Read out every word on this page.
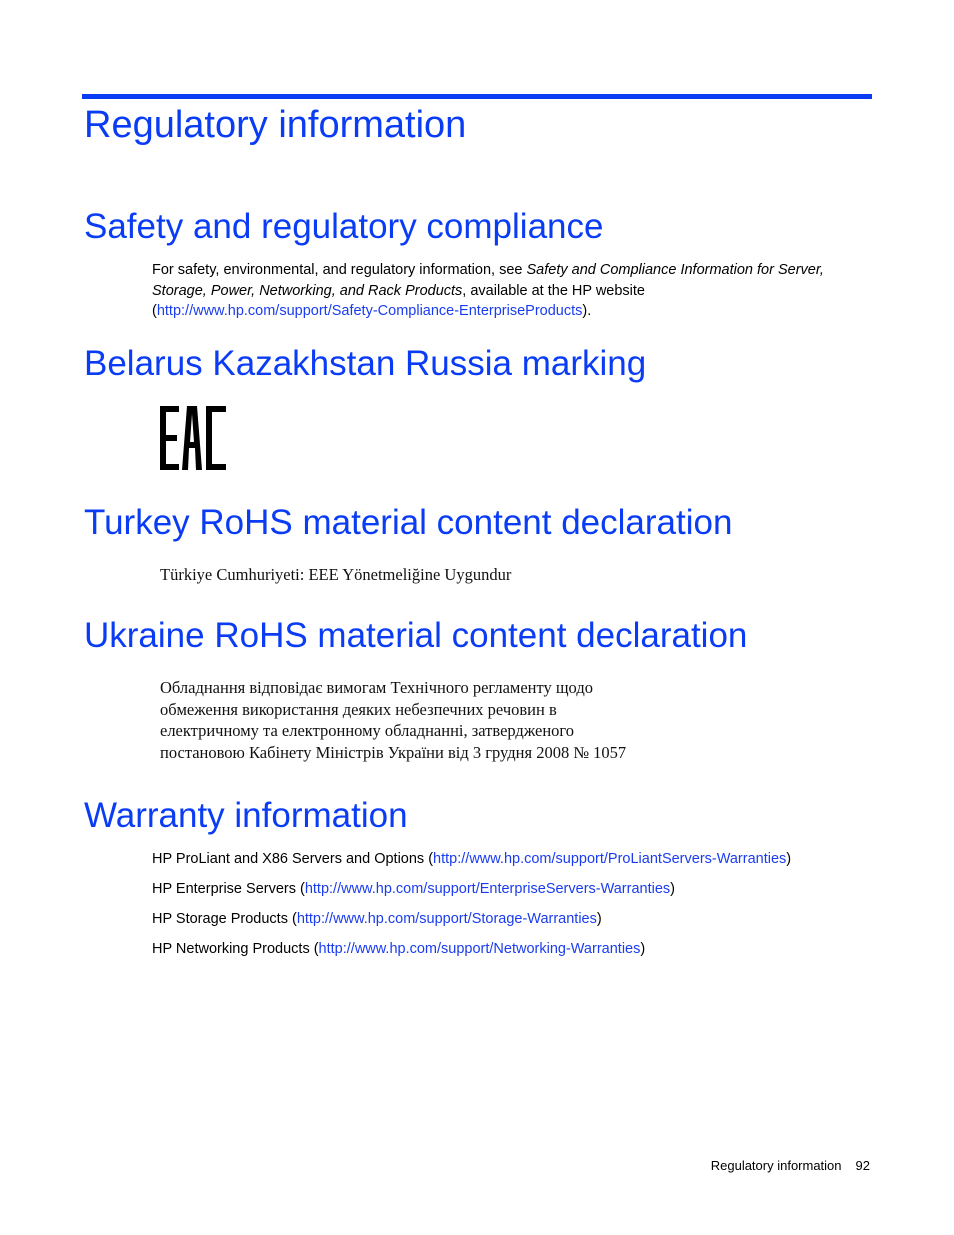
Regulatory information
Safety and regulatory compliance

For safety, environmental, and regulatory information, see Safety and Compliance Information for Server, Storage, Power, Networking, and Rack Products, available at the HP website (http://www.hp.com/support/Safety-Compliance-EnterpriseProducts).

Belarus Kazakhstan Russia marking
Turkey RoHS material content declaration

Türkiye Cumhuriyeti: EEE Yönetmeliğine Uygundur

Ukraine RoHS material content declaration
Обладнання відповідає вимогам Технічного регламенту щодо
обмеження використання деяких небезпечних речовин в
електричному та електронному обладнанні, затвердженого
постановою Кабінету Міністрів України від 3 грудня 2008 № 1057
Warranty information

HP ProLiant and X86 Servers and Options (http://www.hp.com/support/ProLiantServers-Warranties)

HP Enterprise Servers (http://www.hp.com/support/EnterpriseServers-Warranties)

HP Storage Products (http://www.hp.com/support/Storage-Warranties)

HP Networking Products (http://www.hp.com/support/Networking-Warranties)

Regulatory information 92
